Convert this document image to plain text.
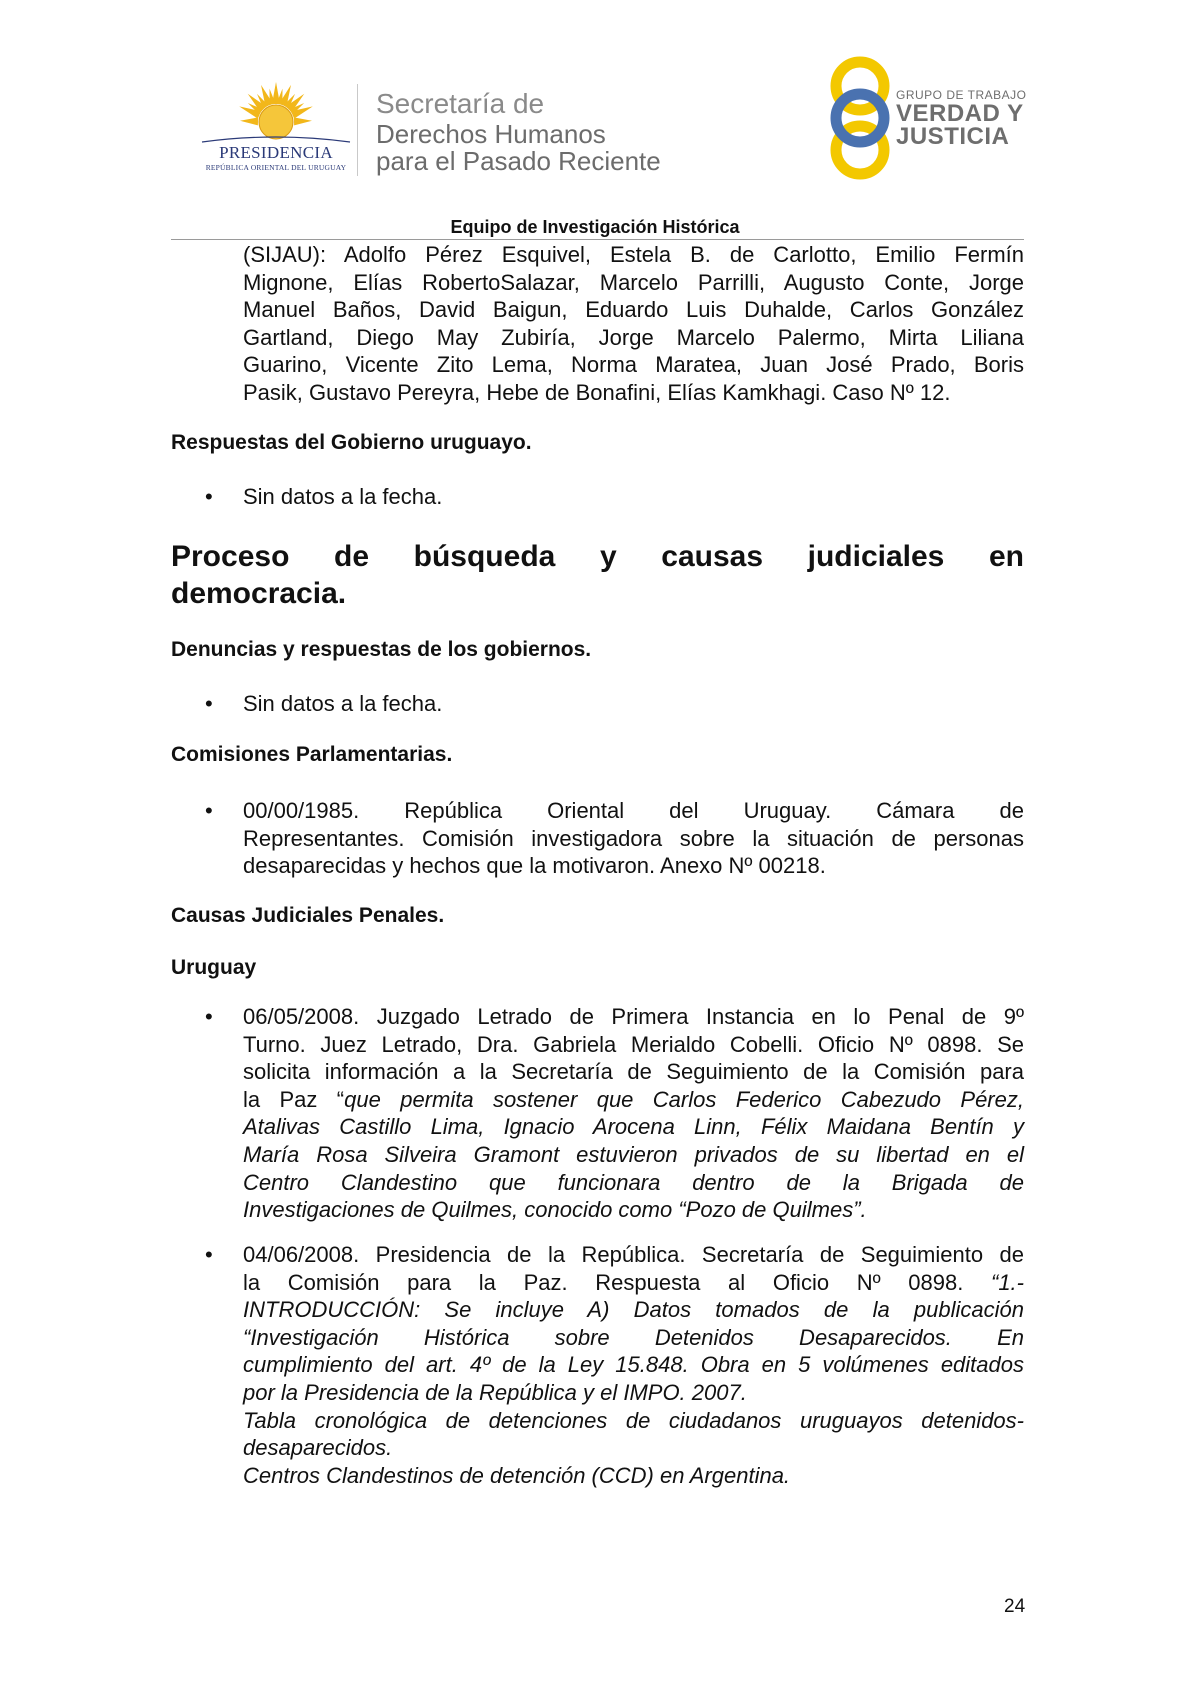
PRESIDENCIA
REPÚBLICA ORIENTAL DEL URUGUAY
Secretaría de
Derechos Humanos
para el Pasado Reciente
GRUPO DE TRABAJO
VERDAD Y
JUSTICIA
Equipo de Investigación Histórica
(SIJAU): Adolfo Pérez Esquivel, Estela B. de Carlotto, Emilio Fermín
Mignone, Elías RobertoSalazar, Marcelo Parrilli, Augusto Conte, Jorge
Manuel Baños, David Baigun, Eduardo Luis Duhalde, Carlos González
Gartland, Diego May Zubiría, Jorge Marcelo Palermo, Mirta Liliana
Guarino, Vicente Zito Lema, Norma Maratea, Juan José Prado, Boris
Pasik, Gustavo Pereyra, Hebe de Bonafini, Elías Kamkhagi. Caso Nº 12.
Respuestas del Gobierno uruguayo.
• Sin datos a la fecha.
Proceso de búsqueda y causas judiciales en
democracia.
Denuncias y respuestas de los gobiernos.
• Sin datos a la fecha.
Comisiones Parlamentarias.
• 00/00/1985. República Oriental del Uruguay. Cámara de
Representantes. Comisión investigadora sobre la situación de personas
desaparecidas y hechos que la motivaron. Anexo Nº 00218.
Causas Judiciales Penales.
Uruguay
• 06/05/2008. Juzgado Letrado de Primera Instancia en lo Penal de 9º
Turno. Juez Letrado, Dra. Gabriela Merialdo Cobelli. Oficio Nº 0898. Se
solicita información a la Secretaría de Seguimiento de la Comisión para
la Paz “que permita sostener que Carlos Federico Cabezudo Pérez,
Atalivas Castillo Lima, Ignacio Arocena Linn, Félix Maidana Bentín y
María Rosa Silveira Gramont estuvieron privados de su libertad en el
Centro Clandestino que funcionara dentro de la Brigada de
Investigaciones de Quilmes, conocido como “Pozo de Quilmes”.
• 04/06/2008. Presidencia de la República. Secretaría de Seguimiento de
la Comisión para la Paz. Respuesta al Oficio Nº 0898. “1.-
INTRODUCCIÓN: Se incluye A) Datos tomados de la publicación
“Investigación Histórica sobre Detenidos Desaparecidos. En
cumplimiento del art. 4º de la Ley 15.848. Obra en 5 volúmenes editados
por la Presidencia de la República y el IMPO. 2007.
Tabla cronológica de detenciones de ciudadanos uruguayos detenidos-
desaparecidos.
Centros Clandestinos de detención (CCD) en Argentina.
24
